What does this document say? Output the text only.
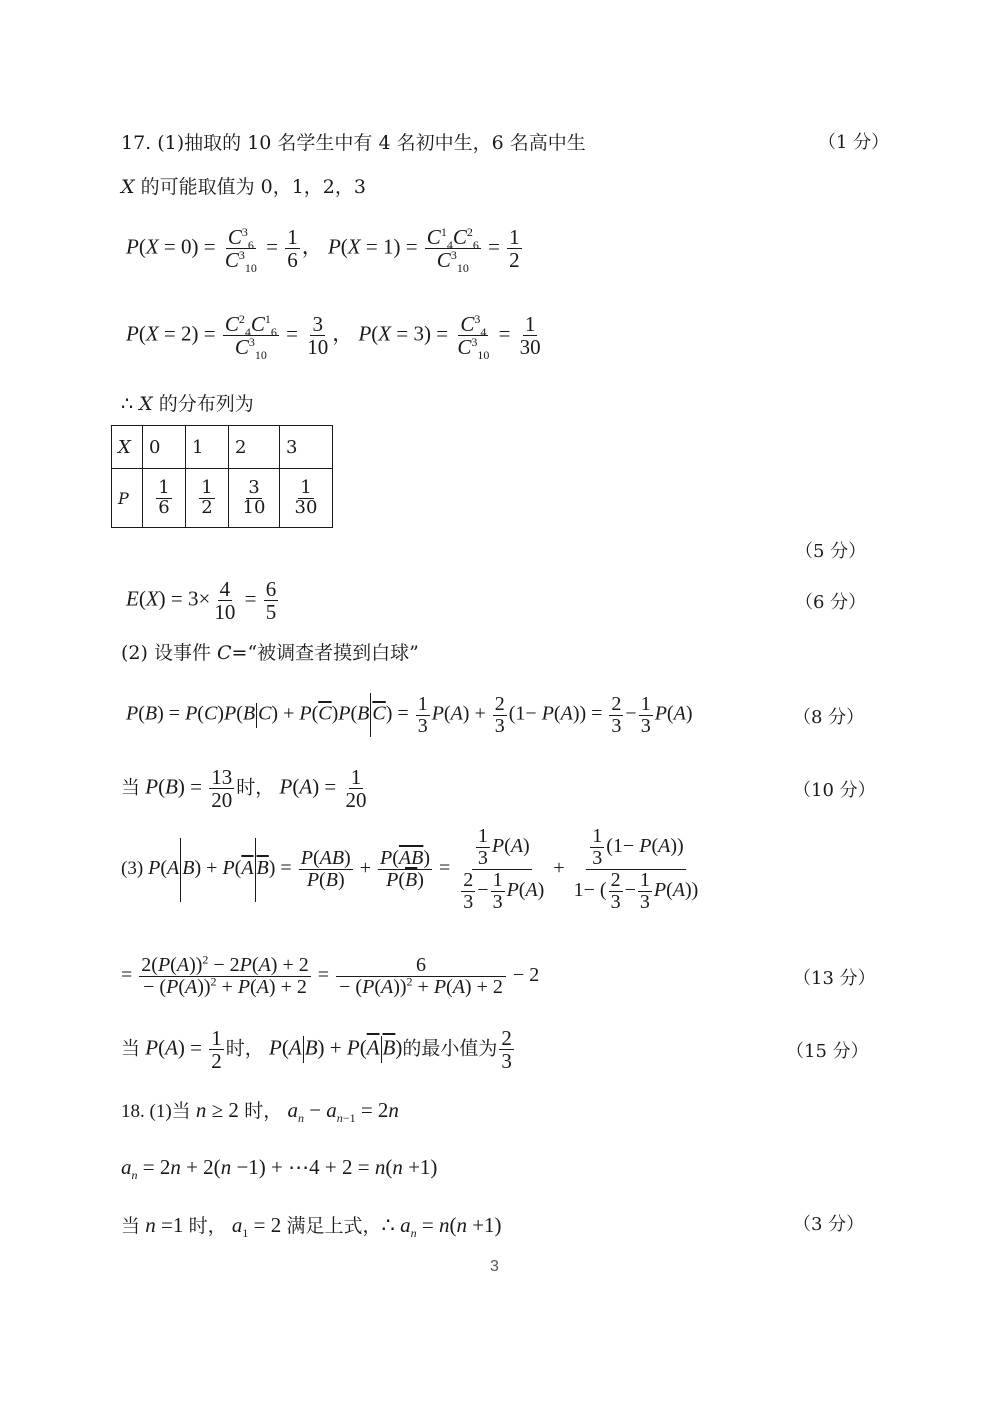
17. (1)抽取的 10 名学生中有 4 名初中生，6 名高中生	（1 分）
X 的可能取值为 0，1，2，3
$P(X = 0) = \frac{C^3_6}{C^3_{10}} = \frac{1}{6}$ ， $P(X = 1) = \frac{C^1_4C^2_6}{C^3_{10}} = \frac{1}{2}$
$P(X = 2) = \frac{C^2_4C^1_6}{C^3_{10}} = \frac{3}{10}$ ， $P(X = 3) = \frac{C^3_4}{C^3_{10}} = \frac{1}{30}$
∴ X 的分布列为
X	0	1	2	3
P	$\frac{1}{6}$	$\frac{1}{2}$	$\frac{3}{10}$	$\frac{1}{30}$
（5 分）
$E(X) = 3\times \frac{4}{10} = \frac{6}{5}$	（6 分）
(2) 设事件 C=“被调查者摸到白球”
P(B) = P(C)P(B $C) + P(\overline{C})P(B$ $\overline{C}) = \frac{1}{3} P(A) + \frac{2}{3} (1- P(A)) = \frac{2}{3} - \frac{1}{3} P(A)$	（8 分）
当 $P(B) = \frac{13}{20}$ 时， $P(A) = \frac{1}{20}$	（10 分）
(3) P(A $B) + P(\overline{A}$ $\overline{B}) = \frac{P(AB)}{P(B)} + \frac{P(\overline{AB})}{P(\overline{B})} = \frac{\frac{1}{3} P(A)}{\frac{2}{3} - \frac{1}{3} P(A)} + \frac{\frac{1}{3} (1- P(A))}{1- ( \frac{2}{3} - \frac{1}{3} P(A))}$
= $\frac{2(P(A))^2 - 2P(A) + 2}{- (P(A))^2 + P(A) + 2} = \frac{6}{- (P(A))^2 + P(A) + 2} - 2$	（13 分）
当 $P(A) = \frac{1}{2}$ 时， P(A $B) + P(\overline{A}$ $\overline{B}$)的最小值为 $\frac{2}{3}$	（15 分）
18. (1)当 n ≥ 2 时， $a_n - a_{n-1} = 2n$
$a_n = 2n + 2(n -1)$ + ⋯4 + 2 = n(n +1)
当 n =1 时， $a_1 = 2$ 满足上式，∴ $a_n = n(n +1)$	（3 分）
3
